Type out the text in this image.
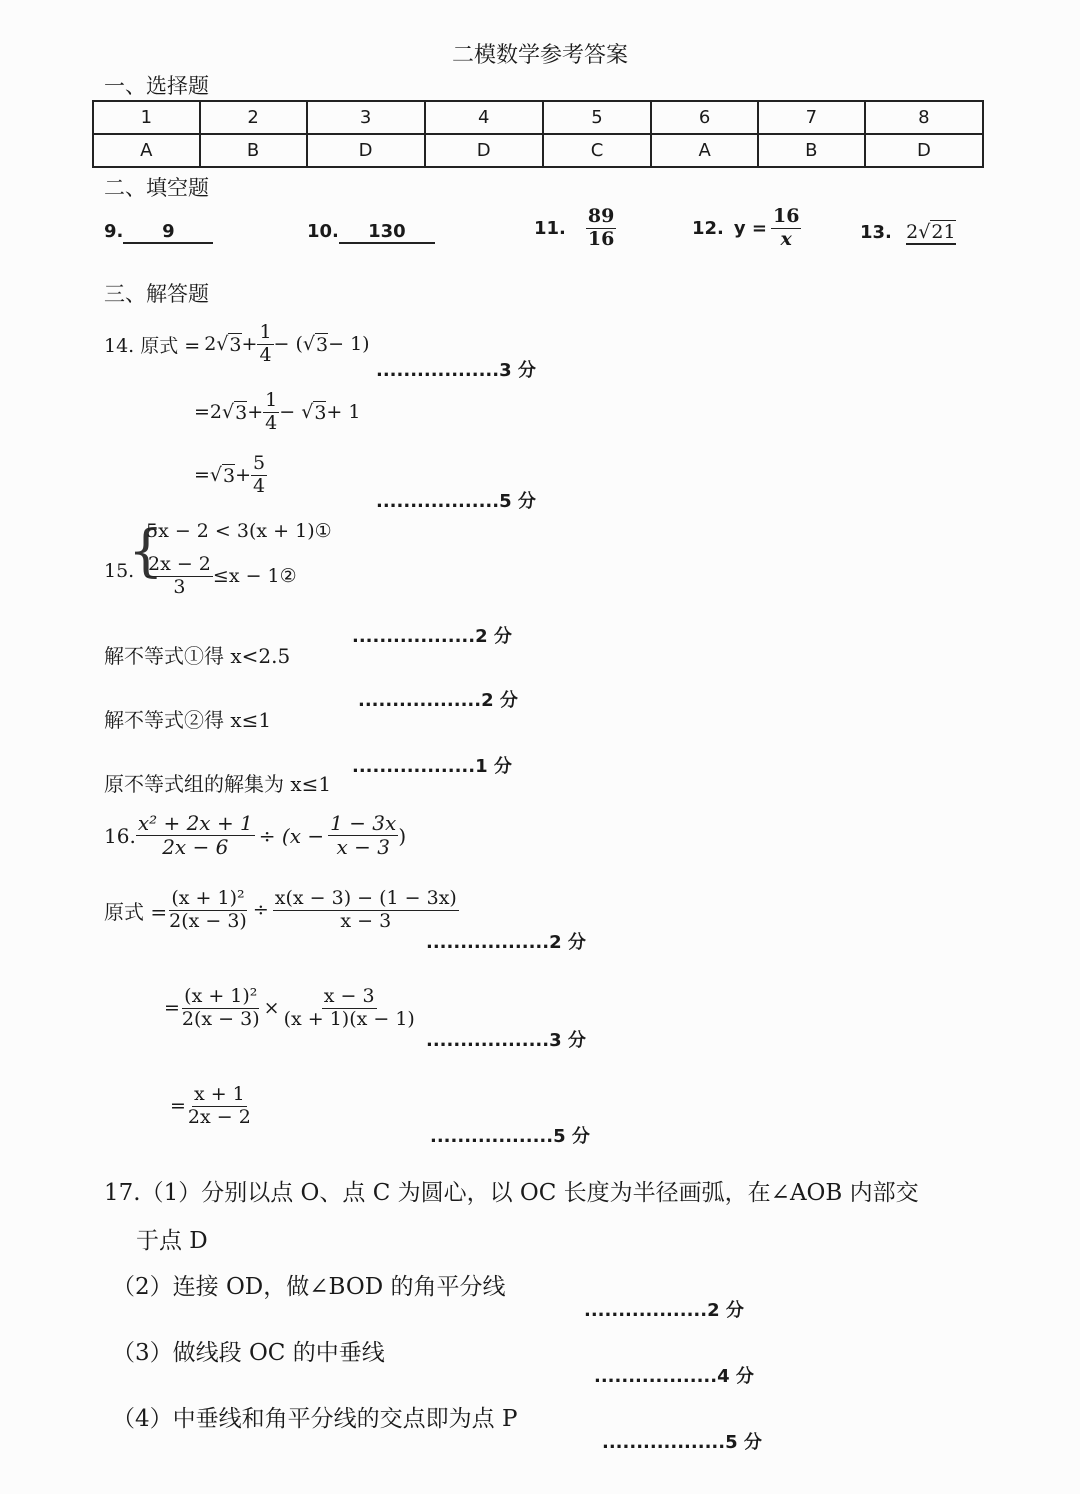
二模数学参考答案
一、选择题
1	2	3	4	5	6	7	8
A	B	D	D	C	A	B	D
二、填空题
9. 9	10. 130	11. $\frac{89}{16}$	12. $y = \frac{16}{x}$	13. 2√21
三、解答题
14. 原式 = 2√ $3 + \frac{1}{4}$ − (√ 3 − 1)
..................3 分
=2√ $3 + \frac{1}{4}$ − √ 3 + 1
=√ $3 + \frac{5}{4}$
..................5 分
15.
{
5x − 2 < 3(x + 1)①
$\frac{2x - 2}{3} \le x$ − 1②
..................2 分
解不等式①得 x<2.5
..................2 分
解不等式②得 x≤1
..................1 分
原不等式组的解集为 x≤1
16. $\frac{\text{x² + 2x + 1}}{2x - 6} \div (x - \frac{1 - 3x}{x - 3}$ )
原式 = $\frac{\text{(x + 1)²}}{2(x - 3)} \div \frac{x(x - 3) - (1 - 3x)}{x - 3}$
..................2 分
= $\frac{\text{(x + 1)²}}{2(x - 3)} \times \frac{x - 3}{(x + 1)(x - 1)}$
..................3 分
= $\frac{x + 1}{2x - 2}$
..................5 分
17.（1）分别以点 O、点 C 为圆心，以 OC 长度为半径画弧，在∠AOB 内部交
于点 D
（2）连接 OD，做∠BOD 的角平分线
..................2 分
（3）做线段 OC 的中垂线
..................4 分
（4）中垂线和角平分线的交点即为点 P
..................5 分
